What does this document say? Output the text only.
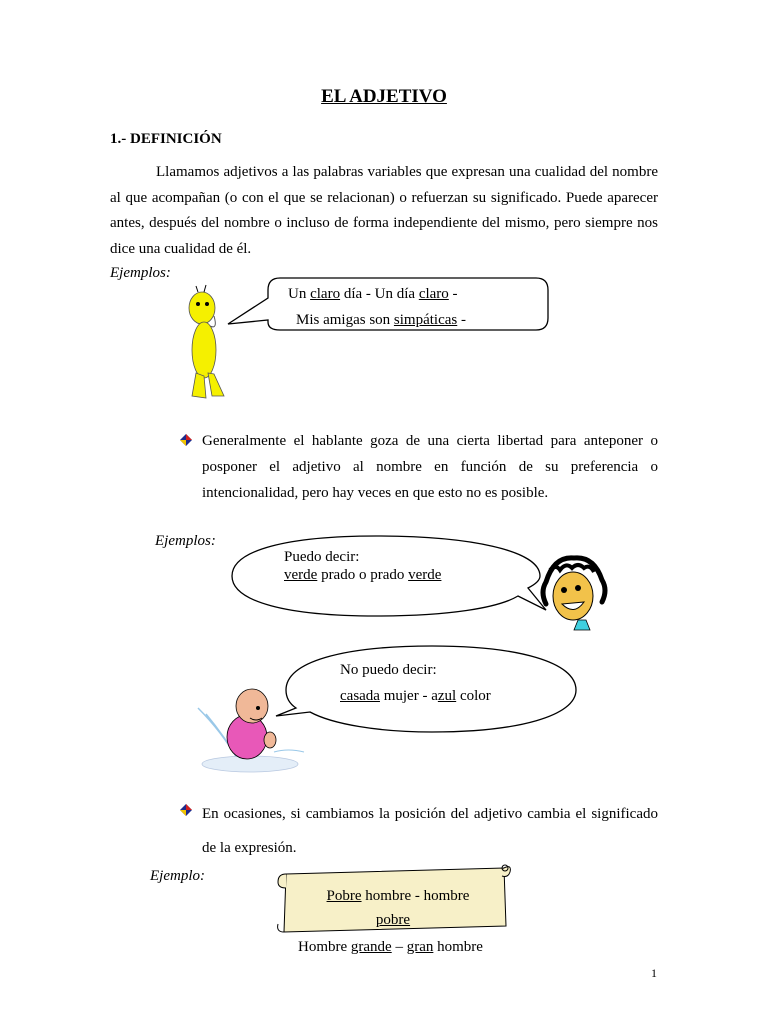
EL ADJETIVO
1.- DEFINICIÓN
Llamamos adjetivos a las palabras variables que expresan una cualidad del nombre al que acompañan (o con el que se relacionan) o refuerzan su significado. Puede aparecer antes, después del nombre o incluso de forma independiente del mismo, pero siempre nos dice una cualidad de él.
Ejemplos:
Un claro día - Un día claro -
Mis amigas son simpáticas -
Generalmente el hablante goza de una cierta libertad para anteponer o posponer el adjetivo al nombre en función de su preferencia o intencionalidad, pero hay veces en que esto no es posible.
Ejemplos:
Puedo decir:
verde prado o prado verde
No puedo decir:
casada mujer - azul color
En ocasiones, si cambiamos la posición del adjetivo cambia el significado de la expresión.
Ejemplo:
Pobre hombre - hombre
pobre
Hombre grande – gran hombre
1
